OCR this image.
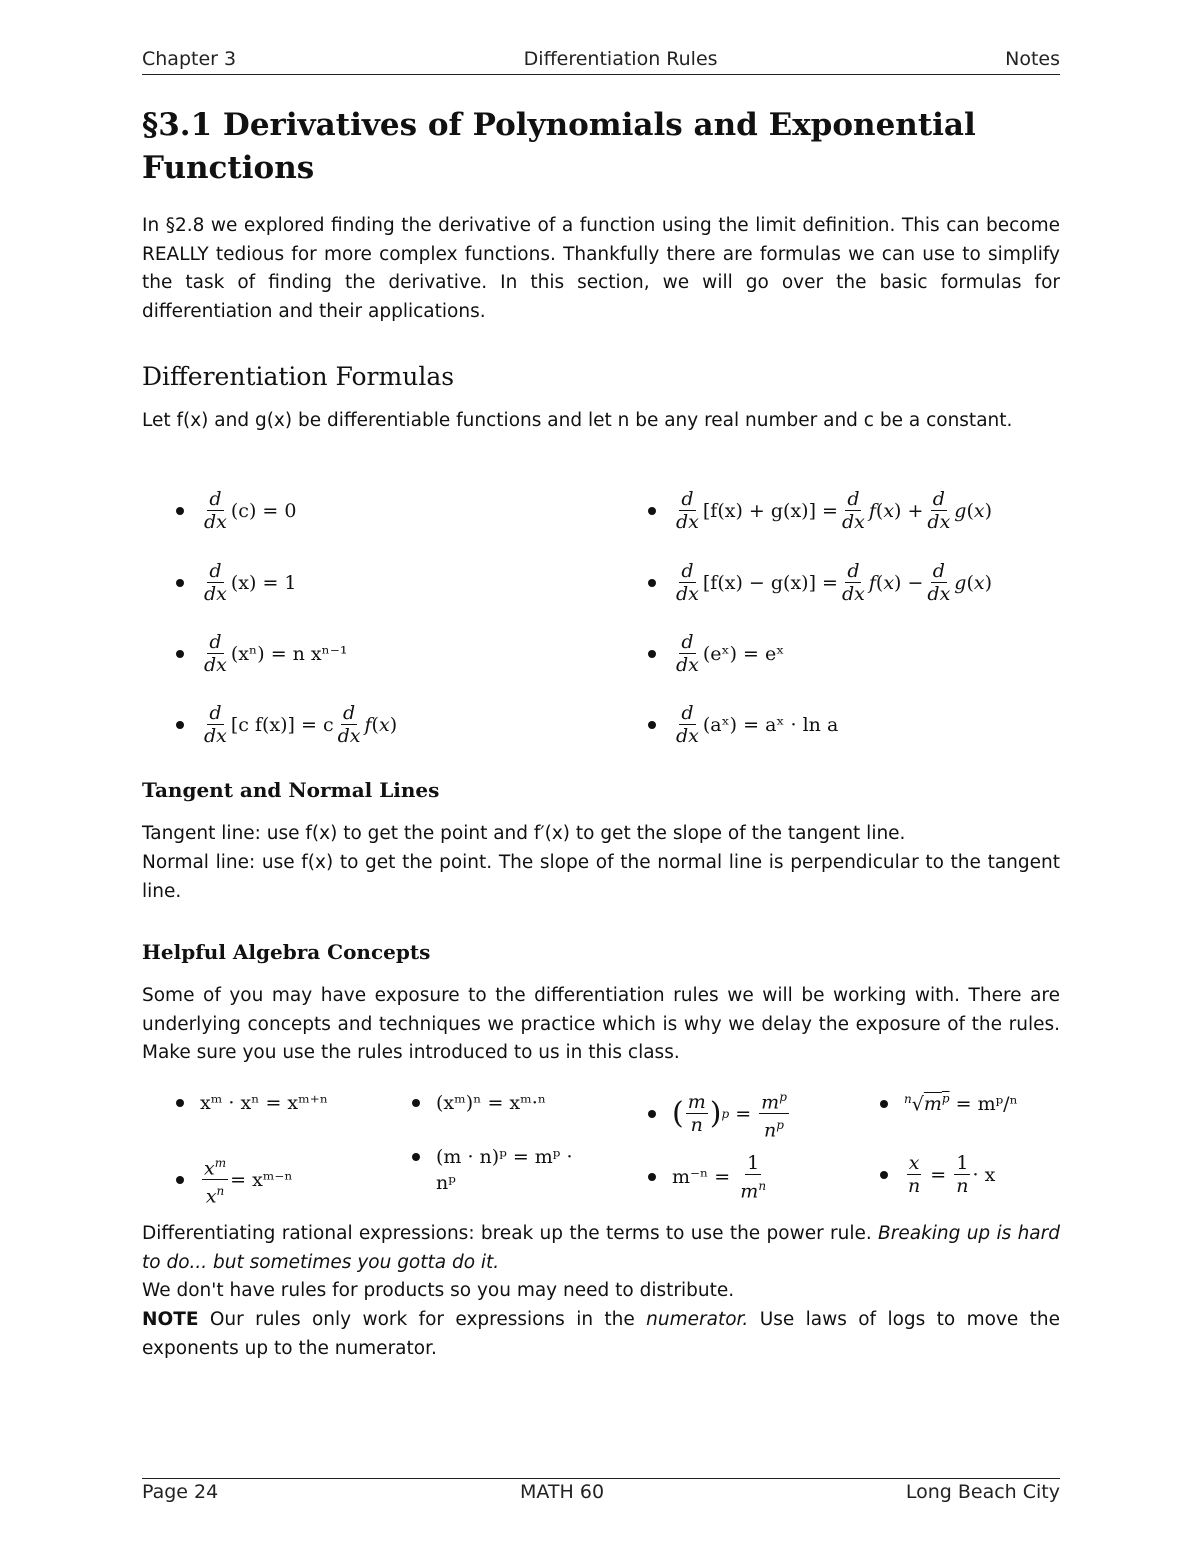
Chapter 3	Differentiation Rules	Notes
§3.1 Derivatives of Polynomials and Exponential Functions

In §2.8 we explored finding the derivative of a function using the limit definition. This can become REALLY tedious for more complex functions. Thankfully there are formulas we can use to simplify the task of finding the derivative. In this section, we will go over the basic formulas for differentiation and their applications.

Differentiation Formulas

Let f(x) and g(x) be differentiable functions and let n be any real number and c be a constant.

$\frac{d}{dx} (c) = 0$
$\frac{d}{dx} (x) = 1$
$\frac{d}{dx} (x^n) = n$ xⁿ⁻¹
$\frac{d}{dx} [c$ f(x)] = c $\frac{d}{dx} f(x)$
$\frac{d}{dx} [f(x) + g(x)] = \frac{d}{dx} f(x) + \frac{d}{dx} g(x)$
$\frac{d}{dx} [f(x) - g(x)] = \frac{d}{dx} f(x) - \frac{d}{dx} g(x)$
$\frac{d}{dx}$ (eˣ) = eˣ
$\frac{d}{dx}$ (aˣ) = aˣ · ln a
Tangent and Normal Lines

Tangent line: use f(x) to get the point and f′(x) to get the slope of the tangent line.

Normal line: use f(x) to get the point. The slope of the normal line is perpendicular to the tangent line.

Helpful Algebra Concepts

Some of you may have exposure to the differentiation rules we will be working with. There are underlying concepts and techniques we practice which is why we delay the exposure of the rules. Make sure you use the rules introduced to us in this class.

xᵐ · xⁿ = xᵐ⁺ⁿ	(xᵐ)ⁿ = xᵐ·ⁿ	( $\frac{m}{n}$ ) $p = \frac{m^p}{n^p}$	$^n√m^p$
= mᵖ/ⁿ
$\frac{x^m}{x^n}$ = xᵐ⁻ⁿ
(m · n)ᵖ = mᵖ ·
nᵖ	m⁻ⁿ =
$\frac{1}{m^n}$	$\frac{x}{n} = \frac{1}{n} \cdot x$

Differentiating rational expressions: break up the terms to use the power rule. Breaking up is hard to do... but sometimes you gotta do it.

We don't have rules for products so you may need to distribute.

NOTE Our rules only work for expressions in the numerator. Use laws of logs to move the exponents up to the numerator.

Page 24	MATH 60	Long Beach City
